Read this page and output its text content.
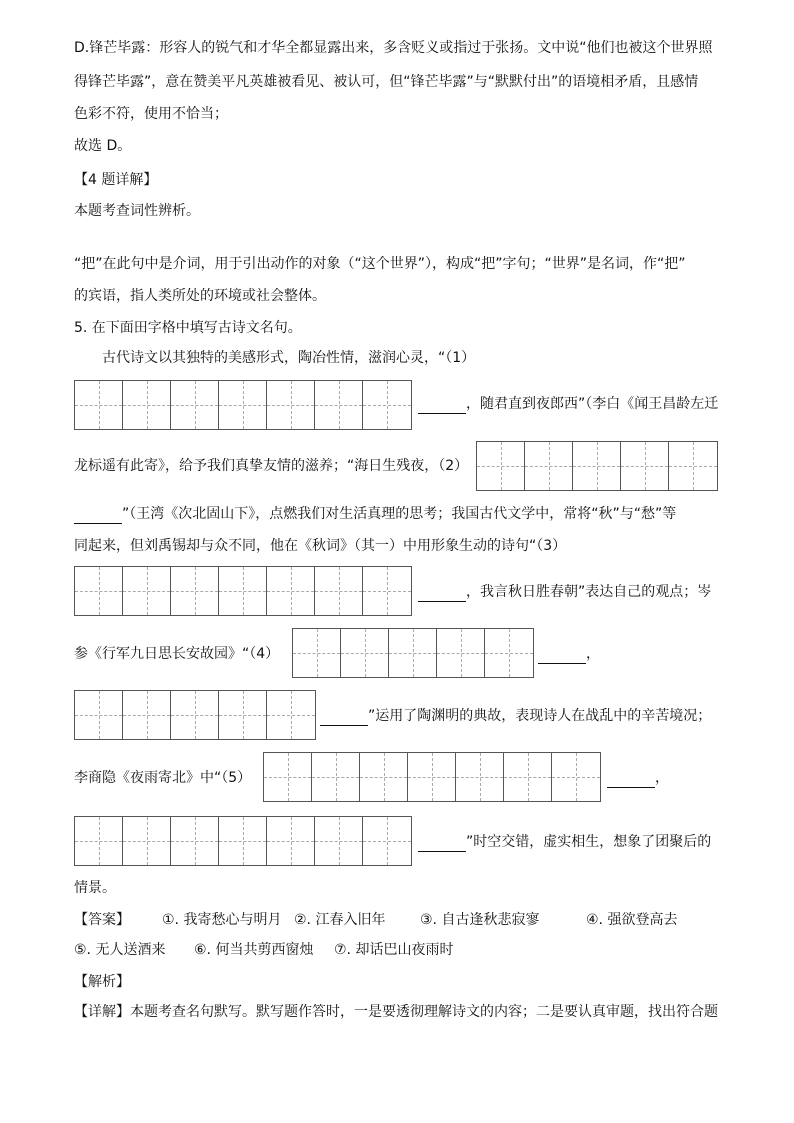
D.锋芒毕露：形容人的锐气和才华全都显露出来，多含贬义或指过于张扬。文中说“他们也被这个世界照
得锋芒毕露”，意在赞美平凡英雄被看见、被认可，但“锋芒毕露”与“默默付出”的语境相矛盾，且感情
色彩不符，使用不恰当；
故选 D。
【4 题详解】
本题考查词性辨析。
“把”在此句中是介词，用于引出动作的对象（“这个世界”），构成“把”字句；“世界”是名词，作“把”
的宾语，指人类所处的环境或社会整体。
5. 在下面田字格中填写古诗文名句。
古代诗文以其独特的美感形式，陶冶性情，滋润心灵，“（1）
，随君直到夜郎西”（李白《闻王昌龄左迁
龙标遥有此寄》，给予我们真挚友情的滋养；“海日生残夜，（2）
”（王湾《次北固山下》，点燃我们对生活真理的思考；我国古代文学中，常将“秋”与“愁”等
同起来，但刘禹锡却与众不同，他在《秋词》（其一）中用形象生动的诗句“（3）
，我言秋日胜春朝”表达自己的观点；岑
参《行军九日思长安故园》“（4）	，
”运用了陶渊明的典故，表现诗人在战乱中的辛苦境况；
李商隐《夜雨寄北》中“（5）	，
”时空交错，虚实相生，想象了团聚后的
情景。
【答案】 ①. 我寄愁心与明月 ②. 江春入旧年 ③. 自古逢秋悲寂寥	④. 强欲登高去
⑤. 无人送酒来 ⑥. 何当共剪西窗烛 ⑦. 却话巴山夜雨时
【解析】
【详解】本题考查名句默写。默写题作答时，一是要透彻理解诗文的内容；二是要认真审题，找出符合题
